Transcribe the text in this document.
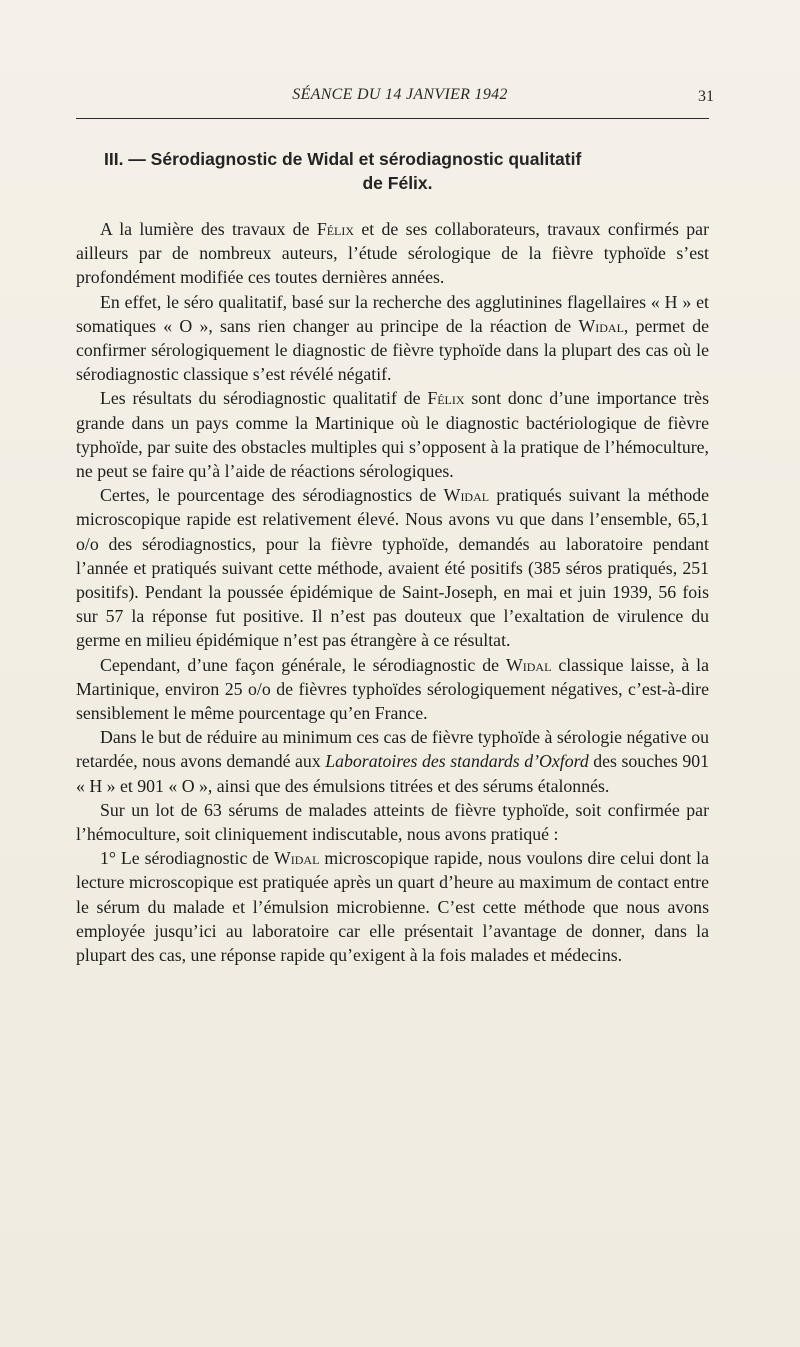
SÉANCE DU 14 JANVIER 1942	31
III. — Sérodiagnostic de Widal et sérodiagnostic qualitatif
de Félix.

A la lumière des travaux de Félix et de ses collaborateurs, travaux confirmés par ailleurs par de nombreux auteurs, l’étude sérologique de la fièvre typhoïde s’est profondément modifiée ces toutes dernières années.

En effet, le séro qualitatif, basé sur la recherche des agglutinines flagellaires « H » et somatiques « O », sans rien changer au principe de la réaction de Widal, permet de confirmer sérologiquement le diagnostic de fièvre typhoïde dans la plupart des cas où le sérodiagnostic classique s’est révélé négatif.

Les résultats du sérodiagnostic qualitatif de Félix sont donc d’une importance très grande dans un pays comme la Martinique où le diagnostic bactériologique de fièvre typhoïde, par suite des obstacles multiples qui s’opposent à la pratique de l’hémoculture, ne peut se faire qu’à l’aide de réactions sérologiques.

Certes, le pourcentage des sérodiagnostics de Widal pratiqués suivant la méthode microscopique rapide est relativement élevé. Nous avons vu que dans l’ensemble, 65,1 o/o des sérodiagnostics, pour la fièvre typhoïde, demandés au laboratoire pendant l’année et pratiqués suivant cette méthode, avaient été positifs (385 séros pratiqués, 251 positifs). Pendant la poussée épidémique de Saint-Joseph, en mai et juin 1939, 56 fois sur 57 la réponse fut positive. Il n’est pas douteux que l’exaltation de virulence du germe en milieu épidémique n’est pas étrangère à ce résultat.

Cependant, d’une façon générale, le sérodiagnostic de Widal classique laisse, à la Martinique, environ 25 o/o de fièvres typhoïdes sérologiquement négatives, c’est-à-dire sensiblement le même pourcentage qu’en France.

Dans le but de réduire au minimum ces cas de fièvre typhoïde à sérologie négative ou retardée, nous avons demandé aux Laboratoires des standards d’Oxford des souches 901 « H » et 901 « O », ainsi que des émulsions titrées et des sérums étalonnés.

Sur un lot de 63 sérums de malades atteints de fièvre typhoïde, soit confirmée par l’hémoculture, soit cliniquement indiscutable, nous avons pratiqué :

1° Le sérodiagnostic de Widal microscopique rapide, nous voulons dire celui dont la lecture microscopique est pratiquée après un quart d’heure au maximum de contact entre le sérum du malade et l’émulsion microbienne. C’est cette méthode que nous avons employée jusqu’ici au laboratoire car elle présentait l’avantage de donner, dans la plupart des cas, une réponse rapide qu’exigent à la fois malades et médecins.
